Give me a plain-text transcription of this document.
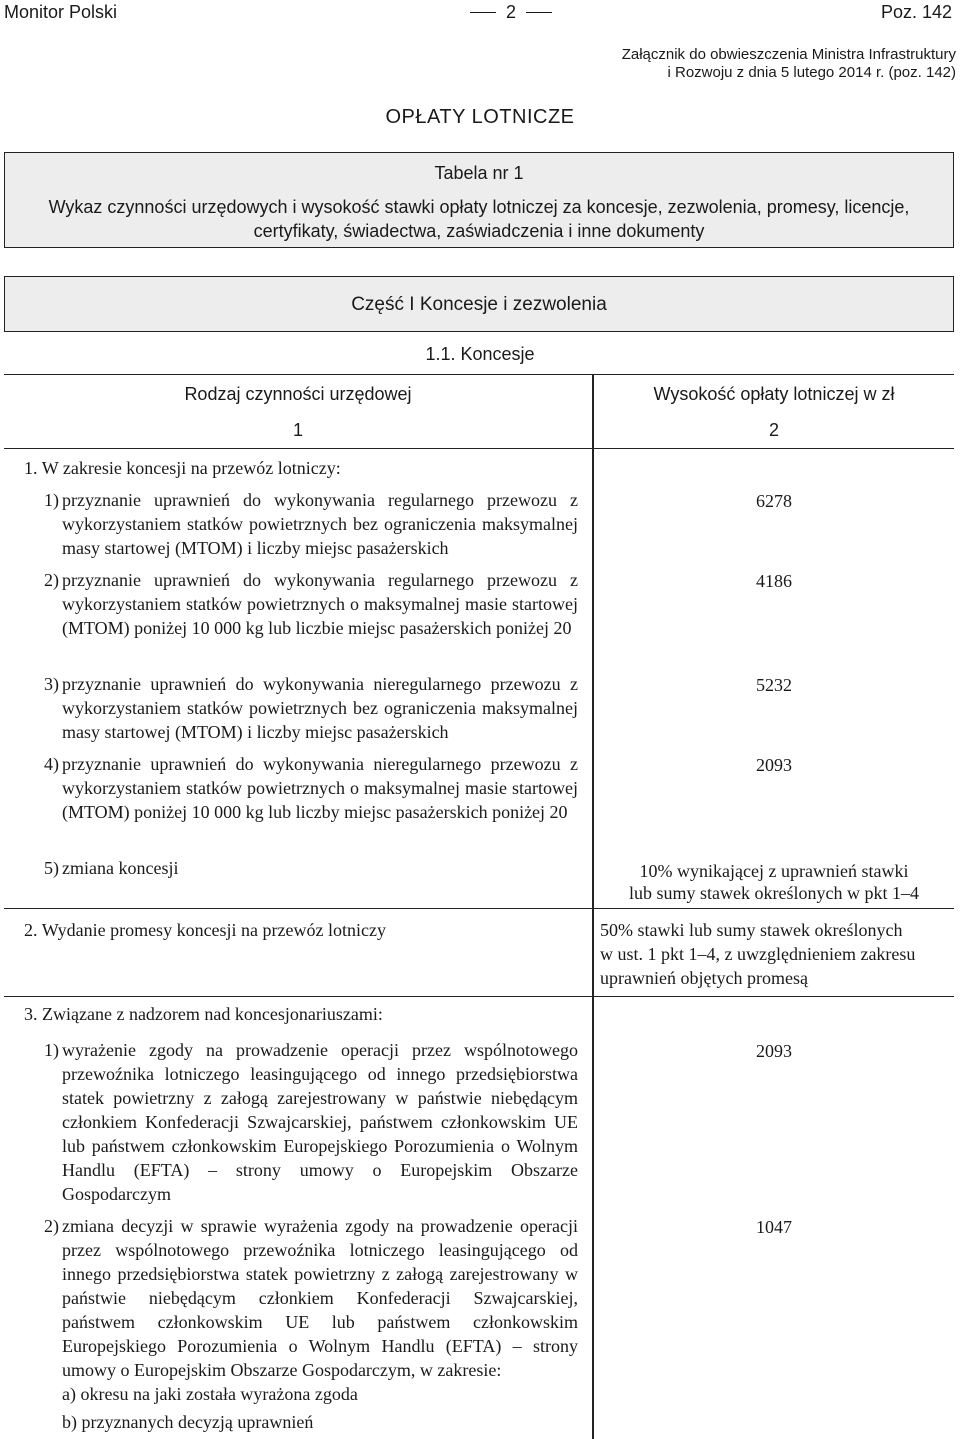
Monitor Polski	2	Poz. 142
Załącznik do obwieszczenia Ministra Infrastruktury
i Rozwoju z dnia 5 lutego 2014 r. (poz. 142)
OPŁATY LOTNICZE
Tabela nr 1
Wykaz czynności urzędowych i wysokość stawki opłaty lotniczej za koncesje, zezwolenia, promesy, licencje,
certyfikaty, świadectwa, zaświadczenia i inne dokumenty
Część I Koncesje i zezwolenia
1.1. Koncesje
Rodzaj czynności urzędowej	Wysokość opłaty lotniczej w zł
1	2
1. W zakresie koncesji na przewóz lotniczy:
1) przyznanie uprawnień do wykonywania regularnego przewozu z wykorzystaniem statków powietrznych bez ograniczenia maksymalnej masy startowej (MTOM) i liczby miejsc pasażerskich
6278
2) przyznanie uprawnień do wykonywania regularnego przewozu z wykorzystaniem statków powietrznych o maksymalnej masie startowej (MTOM) poniżej 10 000 kg lub liczbie miejsc pasażerskich poniżej 20
4186
3) przyznanie uprawnień do wykonywania nieregularnego przewozu z wykorzystaniem statków powietrznych bez ograniczenia maksymalnej masy startowej (MTOM) i liczby miejsc pasażerskich
5232
4) przyznanie uprawnień do wykonywania nieregularnego przewozu z wykorzystaniem statków powietrznych o maksymalnej masie startowej (MTOM) poniżej 10 000 kg lub liczby miejsc pasażerskich poniżej 20
2093
5) zmiana koncesji	10% wynikającej z uprawnień stawki
lub sumy stawek określonych w pkt 1–4
2. Wydanie promesy koncesji na przewóz lotniczy	50% stawki lub sumy stawek określonych
w ust. 1 pkt 1–4, z uwzględnieniem zakresu
uprawnień objętych promesą
3. Związane z nadzorem nad koncesjonariuszami:
1) wyrażenie zgody na prowadzenie operacji przez wspólnotowego przewoźnika lotniczego leasingującego od innego przedsiębiorstwa statek powietrzny z załogą zarejestrowany w państwie niebędącym członkiem Konfederacji Szwajcarskiej, państwem członkowskim UE lub państwem członkowskim Europejskiego Porozumienia o Wolnym Handlu (EFTA) – strony umowy o Europejskim Obszarze Gospodarczym
2093
2) zmiana decyzji w sprawie wyrażenia zgody na prowadzenie operacji przez wspólnotowego przewoźnika lotniczego leasingującego od innego przedsiębiorstwa statek powietrzny z załogą zarejestrowany w państwie niebędącym członkiem Konfederacji Szwajcarskiej, państwem członkowskim UE lub państwem członkowskim Europejskiego Porozumienia o Wolnym Handlu (EFTA) – strony umowy o Europejskim Obszarze Gospodarczym, w zakresie:
1047
a) okresu na jaki została wyrażona zgoda
b) przyznanych decyzją uprawnień
